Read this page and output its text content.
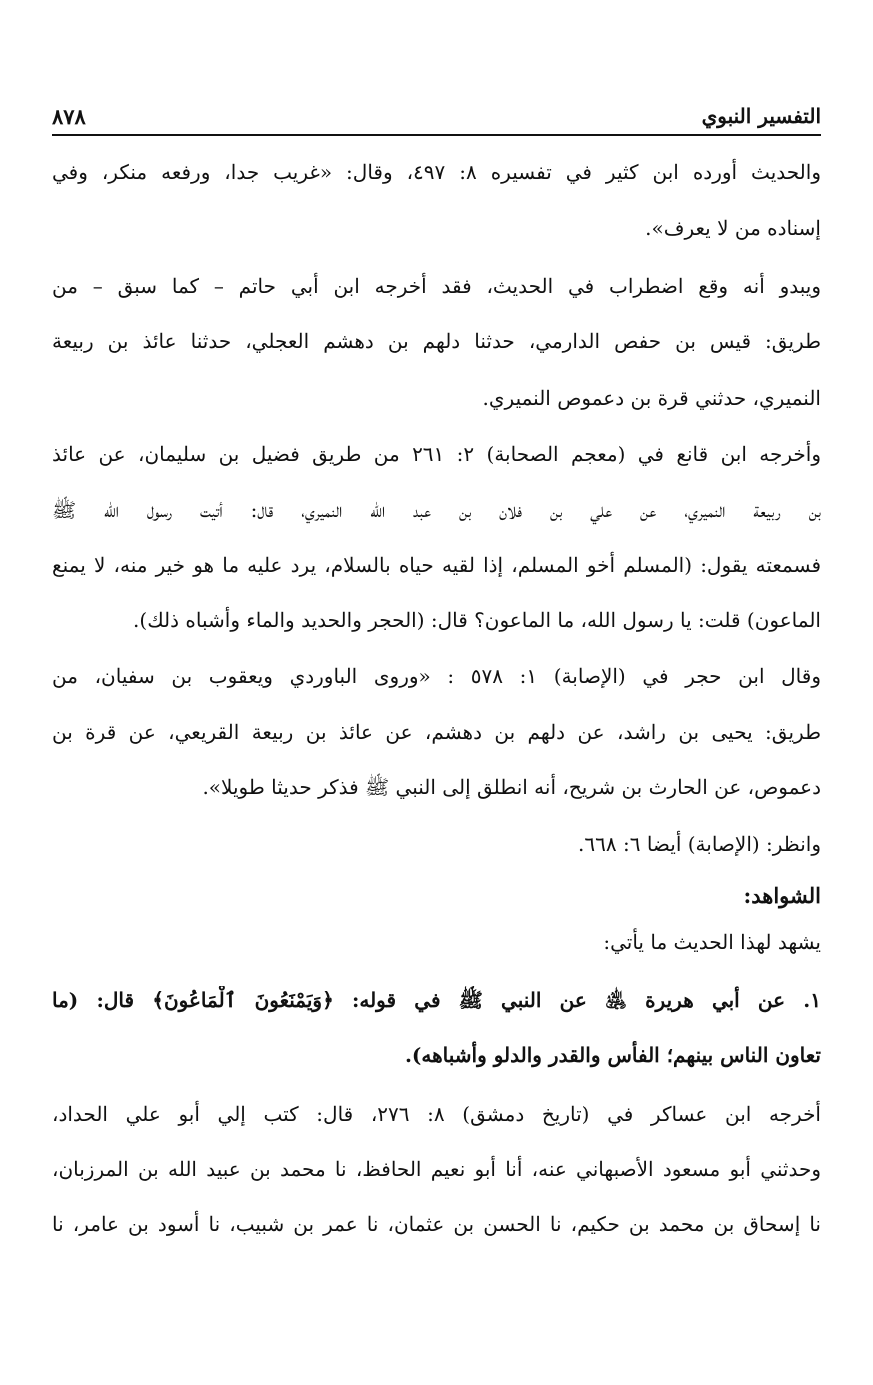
التفسير النبوي
٨٧٨
والحديث أورده ابن كثير في تفسيره ٨: ٤٩٧، وقال: «غريب جدا، ورفعه منكر، وفي
إسناده من لا يعرف».
ويبدو أنه وقع اضطراب في الحديث، فقد أخرجه ابن أبي حاتم – كما سبق – من
طريق: قيس بن حفص الدارمي، حدثنا دلهم بن دهشم العجلي، حدثنا عائذ بن ربيعة
النميري، حدثني قرة بن دعموص النميري.
وأخرجه ابن قانع في (معجم الصحابة) ٢: ٢٦١ من طريق فضيل بن سليمان، عن عائذ
بن ربيعة النميري، عن علي بن فلان بن عبد الله النميري، قال: أتيت رسول الله ﷺ
فسمعته يقول: (المسلم أخو المسلم، إذا لقيه حياه بالسلام، يرد عليه ما هو خير منه، لا يمنع
الماعون) قلت: يا رسول الله، ما الماعون؟ قال: (الحجر والحديد والماء وأشباه ذلك).
وقال ابن حجر في (الإصابة) ١: ٥٧٨ : «وروى الباوردي ويعقوب بن سفيان، من
طريق: يحيى بن راشد، عن دلهم بن دهشم، عن عائذ بن ربيعة القريعي، عن قرة بن
دعموص، عن الحارث بن شريح، أنه انطلق إلى النبي ﷺ فذكر حديثا طويلا».
وانظر: (الإصابة) أيضا ٦: ٦٦٨.
الشواهد:
يشهد لهذا الحديث ما يأتي:
١. عن أبي هريرة ﵁ عن النبي ﷺ في قوله: ﴿وَيَمْنَعُونَ ٱلْمَاعُونَ﴾ قال: (ما
تعاون الناس بينهم؛ الفأس والقدر والدلو وأشباهه).
أخرجه ابن عساكر في (تاريخ دمشق) ٨: ٢٧٦، قال: كتب إلي أبو علي الحداد،
وحدثني أبو مسعود الأصبهاني عنه، أنا أبو نعيم الحافظ، نا محمد بن عبيد الله بن المرزبان،
نا إسحاق بن محمد بن حكيم، نا الحسن بن عثمان، نا عمر بن شبيب، نا أسود بن عامر، نا
